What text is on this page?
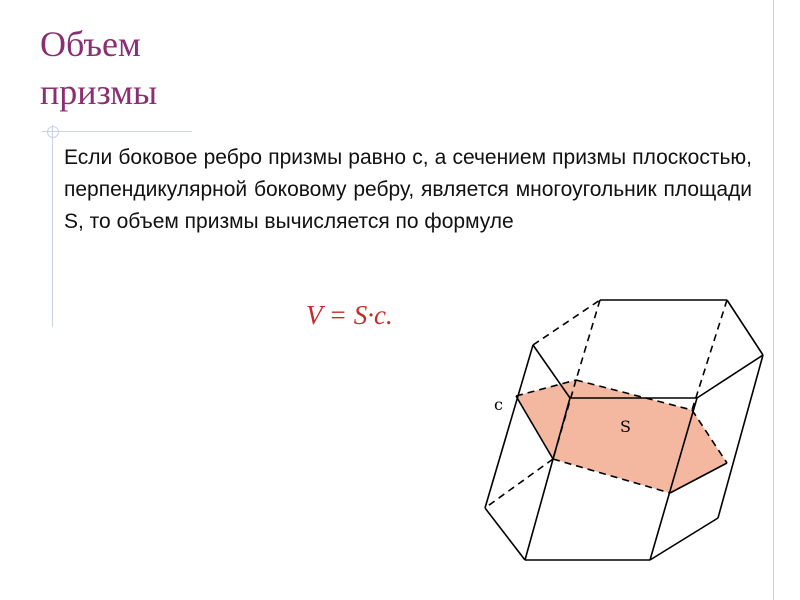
Объем
призмы

Если боковое ребро призмы равно c, а сечением призмы плоскостью, перпендикулярной боковому ребру, является многоугольник площади S, то объем призмы вычисляется по формуле

V = S·c.
c
S
